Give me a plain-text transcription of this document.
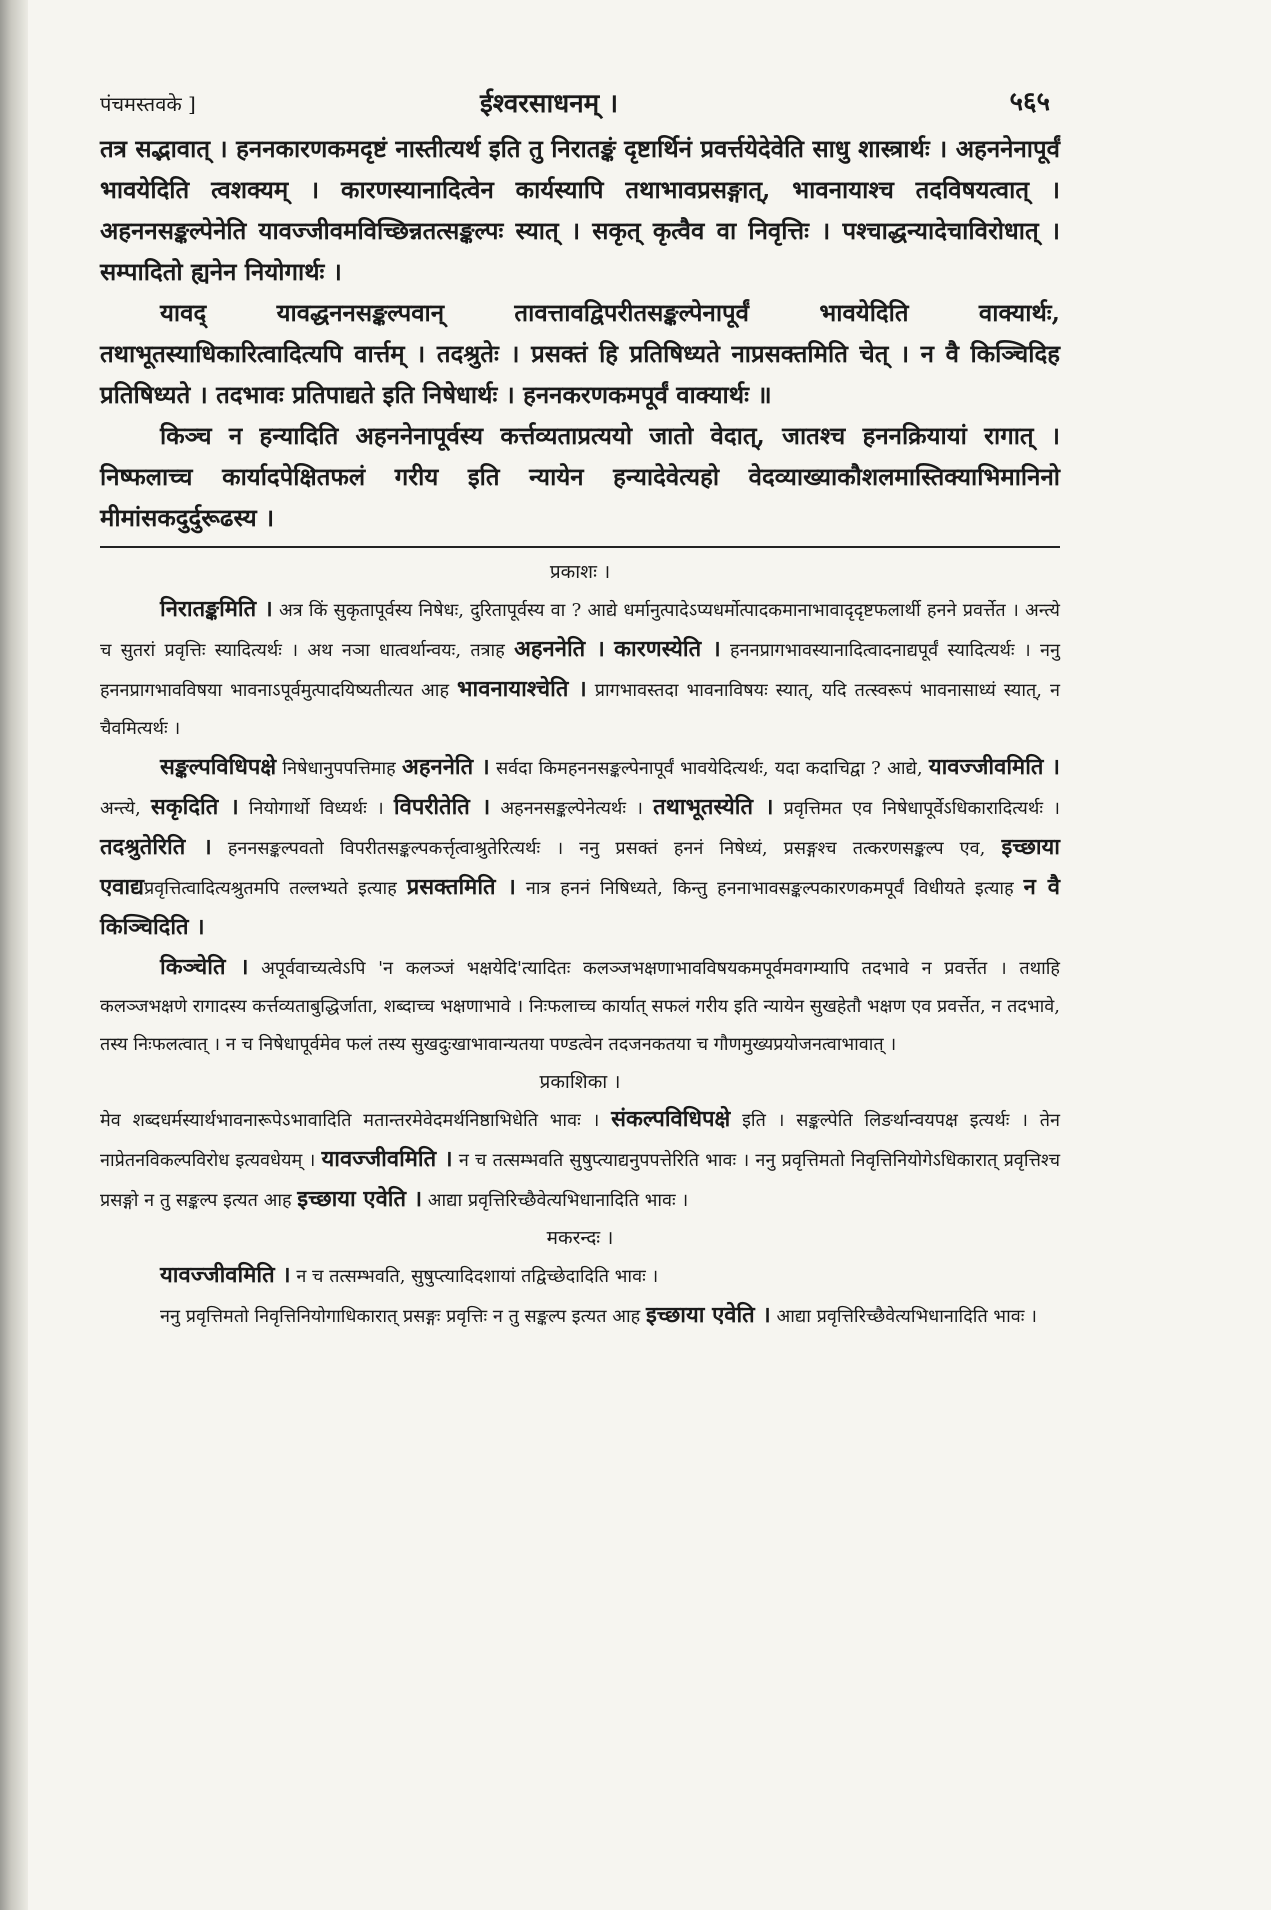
पंचमस्तवके ]	ईश्वरसाधनम् ।	५६५

तत्र सद्भावात् । हननकारणकमदृष्टं नास्तीत्यर्थ इति तु निरातङ्कं दृष्टार्थिनं प्रवर्त्तयेदेवेति साधु शास्त्रार्थः । अहननेनापूर्वं भावयेदिति त्वशक्यम् । कारणस्यानादित्वेन कार्यस्यापि तथाभावप्रसङ्गात्, भावनायाश्च तदविषयत्वात् । अहननसङ्कल्पेनेति यावज्जीवमविच्छिन्नतत्सङ्कल्पः स्यात् । सकृत् कृत्वैव वा निवृत्तिः । पश्चाद्धन्यादेचाविरोधात् । सम्पादितो ह्यनेन नियोगार्थः ।

यावद् यावद्धननसङ्कल्पवान् तावत्तावद्विपरीतसङ्कल्पेनापूर्वं भावयेदिति वाक्यार्थः, तथाभूतस्याधिकारित्वादित्यपि वार्त्तम् । तदश्रुतेः । प्रसक्तं हि प्रतिषिध्यते नाप्रसक्तमिति चेत् । न वै किञ्चिदिह प्रतिषिध्यते । तदभावः प्रतिपाद्यते इति निषेधार्थः । हननकरणकमपूर्वं वाक्यार्थः ॥

किञ्च न हन्यादिति अहननेनापूर्वस्य कर्त्तव्यताप्रत्ययो जातो वेदात्, जातश्च हननक्रियायां रागात् । निष्फलाच्च कार्यादपेक्षितफलं गरीय इति न्यायेन हन्यादेवेत्यहो वेदव्याख्याकौशलमास्तिक्याभिमानिनो मीमांसकदुर्दुरूढस्य ।

प्रकाशः ।

निरातङ्कमिति । अत्र किं सुकृतापूर्वस्य निषेधः, दुरितापूर्वस्य वा ? आद्ये धर्मानुत्पादेऽप्यधर्मोत्पादकमानाभावादृदृष्टफलार्थी हनने प्रवर्त्तेत । अन्त्ये च सुतरां प्रवृत्तिः स्यादित्यर्थः । अथ नञा धात्वर्थान्वयः, तत्राह अहननेति । कारणस्येति । हननप्रागभावस्यानादित्वादनाद्यपूर्वं स्यादित्यर्थः । ननु हननप्रागभावविषया भावनाऽपूर्वमुत्पादयिष्यतीत्यत आह भावनायाश्चेति । प्रागभावस्तदा भावनाविषयः स्यात्, यदि तत्स्वरूपं भावनासाध्यं स्यात्, न चैवमित्यर्थः ।

सङ्कल्पविधिपक्षे निषेधानुपपत्तिमाह अहननेति । सर्वदा किमहननसङ्कल्पेनापूर्वं भावयेदित्यर्थः, यदा कदाचिद्वा ? आद्ये, यावज्जीवमिति । अन्त्ये, सकृदिति । नियोगार्थो विध्यर्थः । विपरीतेति । अहननसङ्कल्पेनेत्यर्थः । तथाभूतस्येति । प्रवृत्तिमत एव निषेधापूर्वेऽधिकारादित्यर्थः । तदश्रुतेरिति । हननसङ्कल्पवतो विपरीतसङ्कल्पकर्त्तृत्वाश्रुतेरित्यर्थः । ननु प्रसक्तं हननं निषेध्यं, प्रसङ्गश्च तत्करणसङ्कल्प एव, इच्छाया एवाद्यप्रवृत्तित्वादित्यश्रुतमपि तल्लभ्यते इत्याह प्रसक्तमिति । नात्र हननं निषिध्यते, किन्तु हननाभावसङ्कल्पकारणकमपूर्वं विधीयते इत्याह न वै किञ्चिदिति ।

किञ्चेति । अपूर्ववाच्यत्वेऽपि 'न कलञ्जं भक्षयेदि'त्यादितः कलञ्जभक्षणाभावविषयकमपूर्वमवगम्यापि तदभावे न प्रवर्त्तेत । तथाहि कलञ्जभक्षणे रागादस्य कर्त्तव्यताबुद्धिर्जाता, शब्दाच्च भक्षणाभावे । निःफलाच्च कार्यात् सफलं गरीय इति न्यायेन सुखहेतौ भक्षण एव प्रवर्त्तेत, न तदभावे, तस्य निःफलत्वात् । न च निषेधापूर्वमेव फलं तस्य सुखदुःखाभावान्यतया पण्डत्वेन तदजनकतया च गौणमुख्यप्रयोजनत्वाभावात् ।

प्रकाशिका ।

मेव शब्दधर्मस्यार्थभावनारूपेऽभावादिति मतान्तरमेवेदमर्थनिष्ठाभिधेति भावः । संकल्पविधिपक्षे इति । सङ्कल्पेति लिङर्थान्वयपक्ष इत्यर्थः । तेन नाप्रेतनविकल्पविरोध इत्यवधेयम् । यावज्जीवमिति । न च तत्सम्भवति सुषुप्त्याद्यनुपपत्तेरिति भावः । ननु प्रवृत्तिमतो निवृत्तिनियोगेऽधिकारात् प्रवृत्तिश्च प्रसङ्गो न तु सङ्कल्प इत्यत आह इच्छाया एवेति । आद्या प्रवृत्तिरिच्छैवेत्यभिधानादिति भावः ।

मकरन्दः ।

यावज्जीवमिति । न च तत्सम्भवति, सुषुप्त्यादिदशायां तद्विच्छेदादिति भावः ।

ननु प्रवृत्तिमतो निवृत्तिनियोगाधिकारात् प्रसङ्गः प्रवृत्तिः न तु सङ्कल्प इत्यत आह इच्छाया एवेति । आद्या प्रवृत्तिरिच्छैवेत्यभिधानादिति भावः ।
